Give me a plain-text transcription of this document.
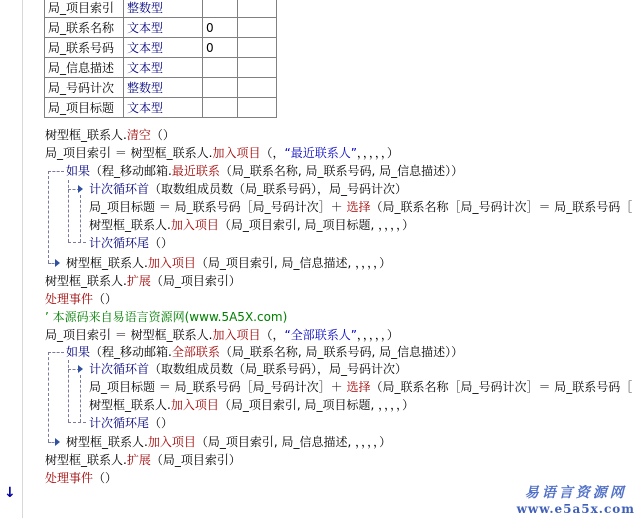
↓
局_项目索引	整数型		
局_联系名称	文本型	0	
局_联系号码	文本型	0	
局_信息描述	文本型		
局_号码计次	整数型		
局_项目标题	文本型		
树型框_联系人.清空（）
局_项目索引 ＝ 树型框_联系人.加入项目（，“最近联系人”，，，，，）
如果（程_移动邮箱.最近联系（局_联系名称, 局_联系号码, 局_信息描述））
计次循环首（取数组成员数（局_联系号码），局_号码计次）
局_项目标题 ＝ 局_联系号码［局_号码计次］＋ 选择（局_联系名称［局_号码计次］＝ 局_联系号码［
树型框_联系人.加入项目（局_项目索引, 局_项目标题, ，，，，）
计次循环尾（）
树型框_联系人.加入项目（局_项目索引, 局_信息描述, ，，，，）
树型框_联系人.扩展（局_项目索引）
处理事件（）
’ 本源码来自易语言资源网(www.5A5X.com)
局_项目索引 ＝ 树型框_联系人.加入项目（，“全部联系人”，，，，，）
如果（程_移动邮箱.全部联系（局_联系名称, 局_联系号码, 局_信息描述））
计次循环首（取数组成员数（局_联系号码），局_号码计次）
局_项目标题 ＝ 局_联系号码［局_号码计次］＋ 选择（局_联系名称［局_号码计次］＝ 局_联系号码［
树型框_联系人.加入项目（局_项目索引, 局_项目标题, ，，，，）
计次循环尾（）
树型框_联系人.加入项目（局_项目索引, 局_信息描述, ，，，，）
树型框_联系人.扩展（局_项目索引）
处理事件（）
易语言资源网
www.e5a5x.com
